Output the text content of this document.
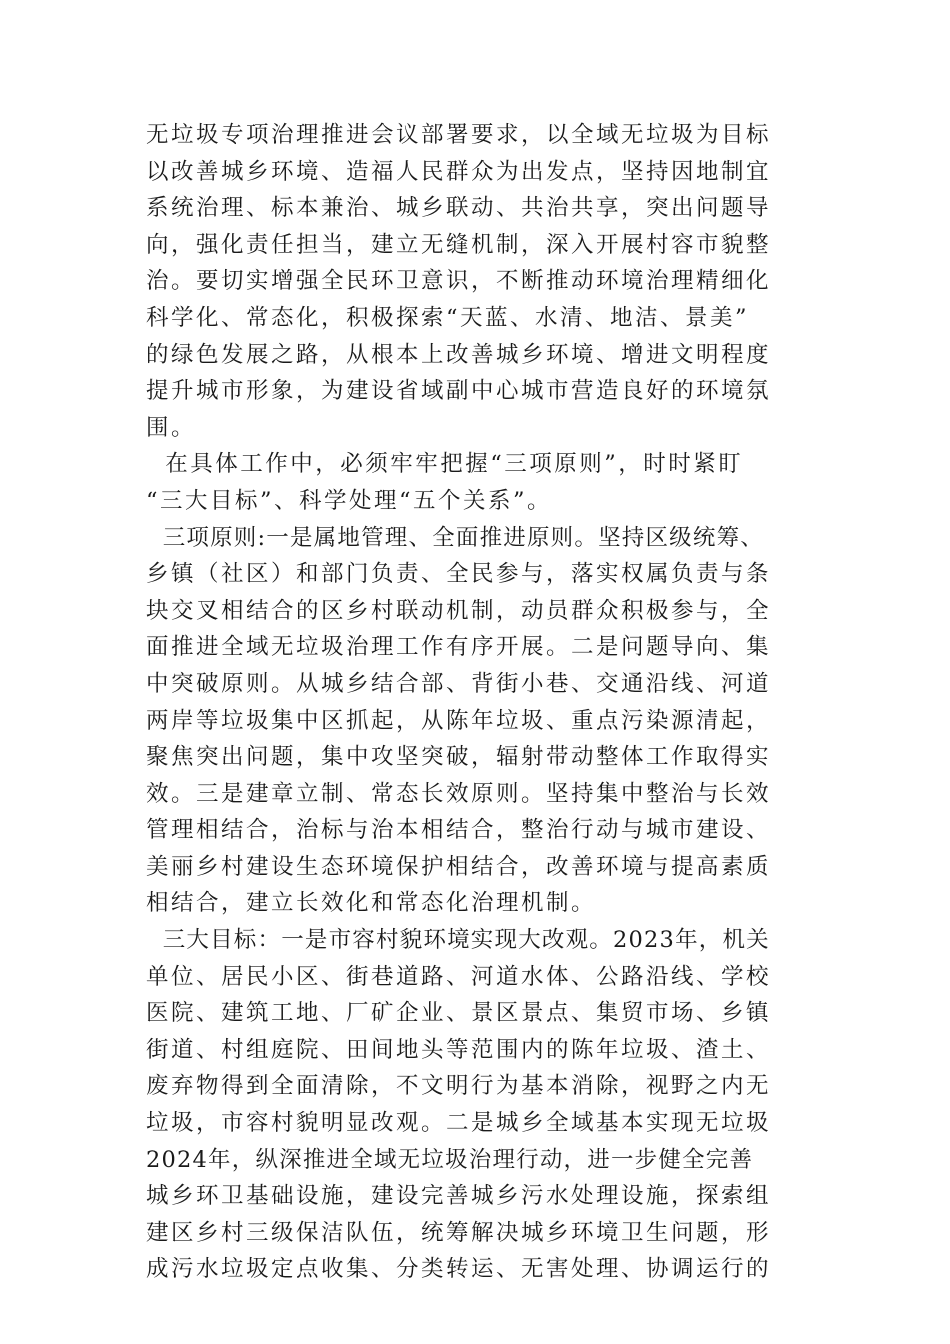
无垃圾专项治理推进会议部署要求，以全域无垃圾为目标
以改善城乡环境、造福人民群众为出发点，坚持因地制宜
系统治理、标本兼治、城乡联动、共治共享，突出问题导
向，强化责任担当，建立无缝机制，深入开展村容市貌整
治。要切实增强全民环卫意识，不断推动环境治理精细化
科学化、常态化，积极探索“天蓝、水清、地洁、景美”
的绿色发展之路，从根本上改善城乡环境、增进文明程度
提升城市形象，为建设省域副中心城市营造良好的环境氛
围。
在具体工作中，必须牢牢把握“三项原则”，时时紧盯
“三大目标”、科学处理“五个关系”。
三项原则:一是属地管理、全面推进原则。坚持区级统筹、
乡镇（社区）和部门负责、全民参与，落实权属负责与条
块交叉相结合的区乡村联动机制，动员群众积极参与，全
面推进全域无垃圾治理工作有序开展。二是问题导向、集
中突破原则。从城乡结合部、背街小巷、交通沿线、河道
两岸等垃圾集中区抓起，从陈年垃圾、重点污染源清起，
聚焦突出问题，集中攻坚突破，辐射带动整体工作取得实
效。三是建章立制、常态长效原则。坚持集中整治与长效
管理相结合，治标与治本相结合，整治行动与城市建设、
美丽乡村建设生态环境保护相结合，改善环境与提高素质
相结合，建立长效化和常态化治理机制。
三大目标：一是市容村貌环境实现大改观。2023年，机关
单位、居民小区、街巷道路、河道水体、公路沿线、学校
医院、建筑工地、厂矿企业、景区景点、集贸市场、乡镇
街道、村组庭院、田间地头等范围内的陈年垃圾、渣土、
废弃物得到全面清除，不文明行为基本消除，视野之内无
垃圾，市容村貌明显改观。二是城乡全域基本实现无垃圾
2024年，纵深推进全域无垃圾治理行动，进一步健全完善
城乡环卫基础设施，建设完善城乡污水处理设施，探索组
建区乡村三级保洁队伍，统筹解决城乡环境卫生问题，形
成污水垃圾定点收集、分类转运、无害处理、协调运行的
